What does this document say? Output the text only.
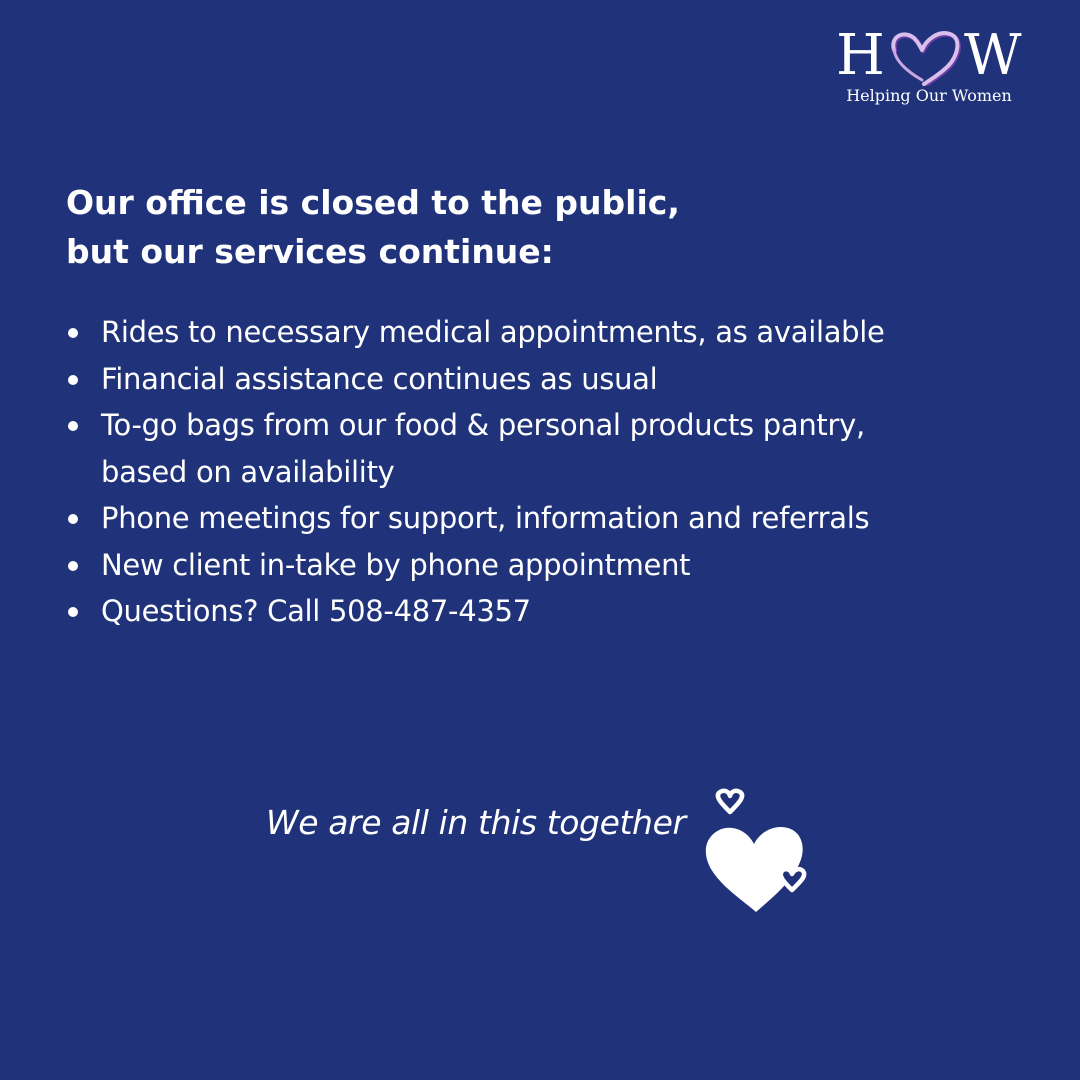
H W
Helping Our Women
Our office is closed to the public,
but our services continue:
Rides to necessary medical appointments, as available
Financial assistance continues as usual
To-go bags from our food & personal products pantry,
based on availability
Phone meetings for support, information and referrals
New client in-take by phone appointment
Questions? Call 508-487-4357
We are all in this together
